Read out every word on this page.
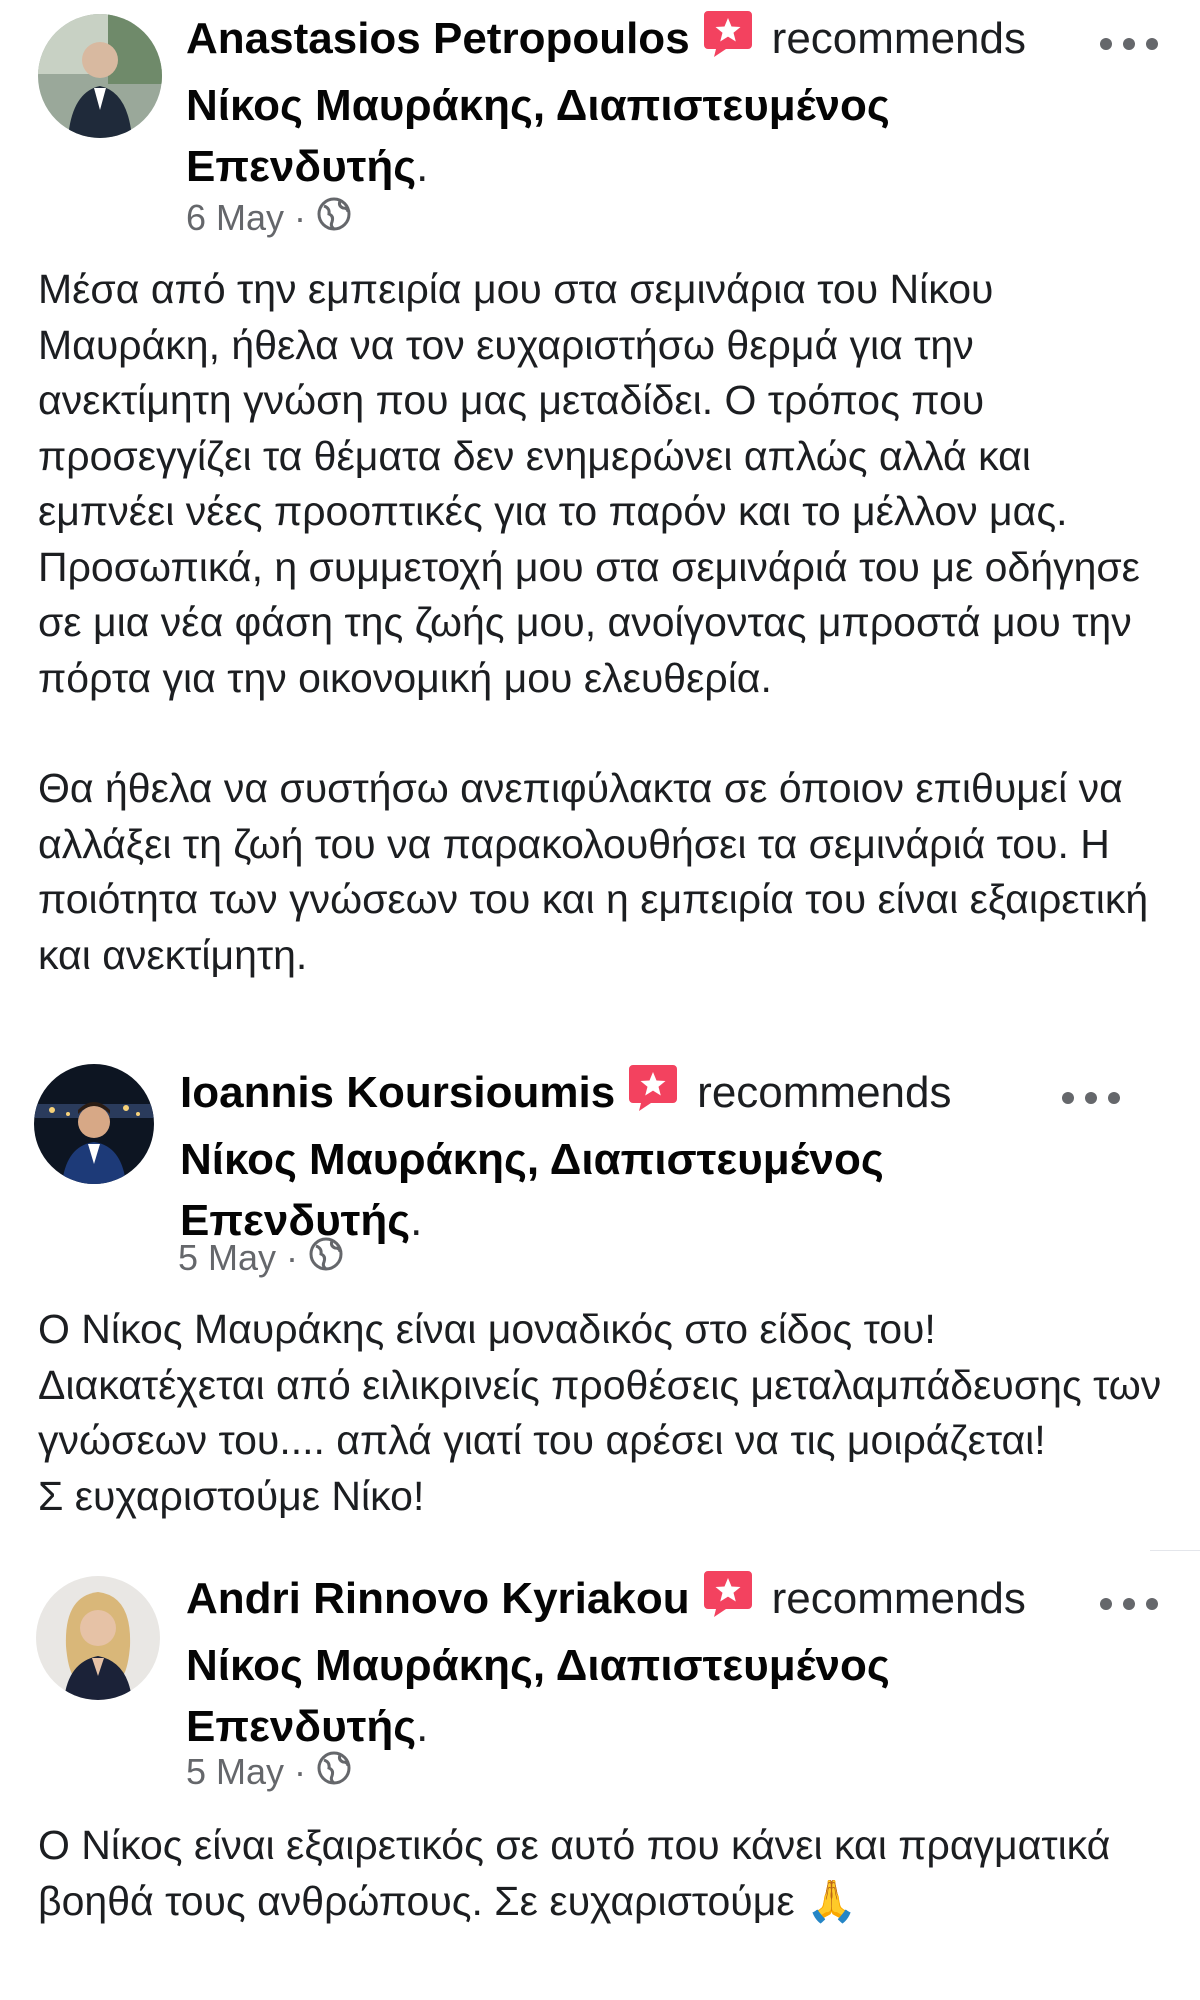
Anastasios Petropoulos recommends
Νίκος Μαυράκης, Διαπιστευμένος Επενδυτής.
6 May ·

Μέσα από την εμπειρία μου στα σεμινάρια του Νίκου Μαυράκη, ήθελα να τον ευχαριστήσω θερμά για την ανεκτίμητη γνώση που μας μεταδίδει. Ο τρόπος που προσεγγίζει τα θέματα δεν ενημερώνει απλώς αλλά και εμπνέει νέες προοπτικές για το παρόν και το μέλλον μας. Προσωπικά, η συμμετοχή μου στα σεμινάριά του με οδήγησε σε μια νέα φάση της ζωής μου, ανοίγοντας μπροστά μου την πόρτα για την οικονομική μου ελευθερία.

Θα ήθελα να συστήσω ανεπιφύλακτα σε όποιον επιθυμεί να αλλάξει τη ζωή του να παρακολουθήσει τα σεμινάριά του. Η ποιότητα των γνώσεων του και η εμπειρία του είναι εξαιρετική και ανεκτίμητη.

Ioannis Koursioumis recommends
Νίκος Μαυράκης, Διαπιστευμένος Επενδυτής.
5 May ·

Ο Νίκος Μαυράκης είναι μοναδικός στο είδος του!

Διακατέχεται από ειλικρινείς προθέσεις μεταλαμπάδευσης των γνώσεων του.... απλά γιατί του αρέσει να τις μοιράζεται!

Σ ευχαριστούμε Νίκο!

Andri Rinnovo Kyriakou recommends
Νίκος Μαυράκης, Διαπιστευμένος Επενδυτής.
5 May ·

Ο Νίκος είναι εξαιρετικός σε αυτό που κάνει και πραγματικά βοηθά τους ανθρώπους. Σε ευχαριστούμε 🙏
